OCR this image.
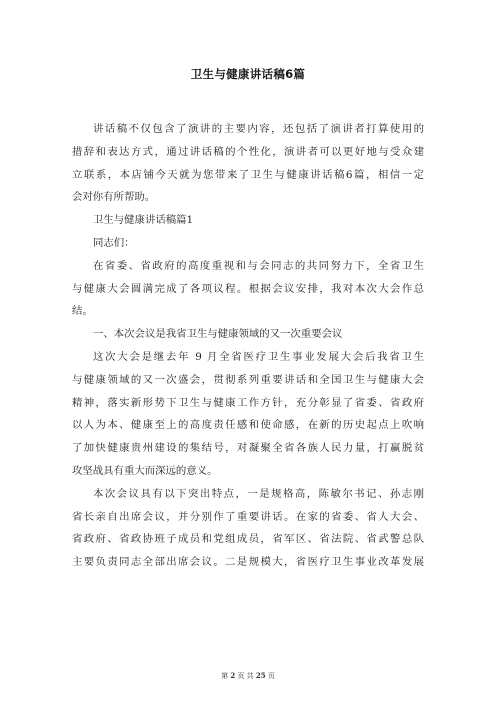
卫生与健康讲话稿6篇
讲话稿不仅包含了演讲的主要内容，还包括了演讲者打算使用的
措辞和表达方式，通过讲话稿的个性化，演讲者可以更好地与受众建
立联系，本店铺今天就为您带来了卫生与健康讲话稿6篇，相信一定
会对你有所帮助。
卫生与健康讲话稿篇1
同志们：
在省委、省政府的高度重视和与会同志的共同努力下，全省卫生
与健康大会圆满完成了各项议程。根据会议安排，我对本次大会作总
结。
一、本次会议是我省卫生与健康领域的又一次重要会议
这次大会是继去年 9 月全省医疗卫生事业发展大会后我省卫生
与健康领域的又一次盛会，贯彻系列重要讲话和全国卫生与健康大会
精神，落实新形势下卫生与健康工作方针，充分彰显了省委、省政府
以人为本、健康至上的高度责任感和使命感，在新的历史起点上吹响
了加快健康贵州建设的集结号，对凝聚全省各族人民力量，打赢脱贫
攻坚战具有重大而深远的意义。
本次会议具有以下突出特点，一是规格高，陈敏尔书记、孙志刚
省长亲自出席会议，并分别作了重要讲话。在家的省委、省人大会、
省政府、省政协班子成员和党组成员，省军区、省法院、省武警总队
主要负责同志全部出席会议。二是规模大，省医疗卫生事业改革发展
第 2 页 共 25 页
